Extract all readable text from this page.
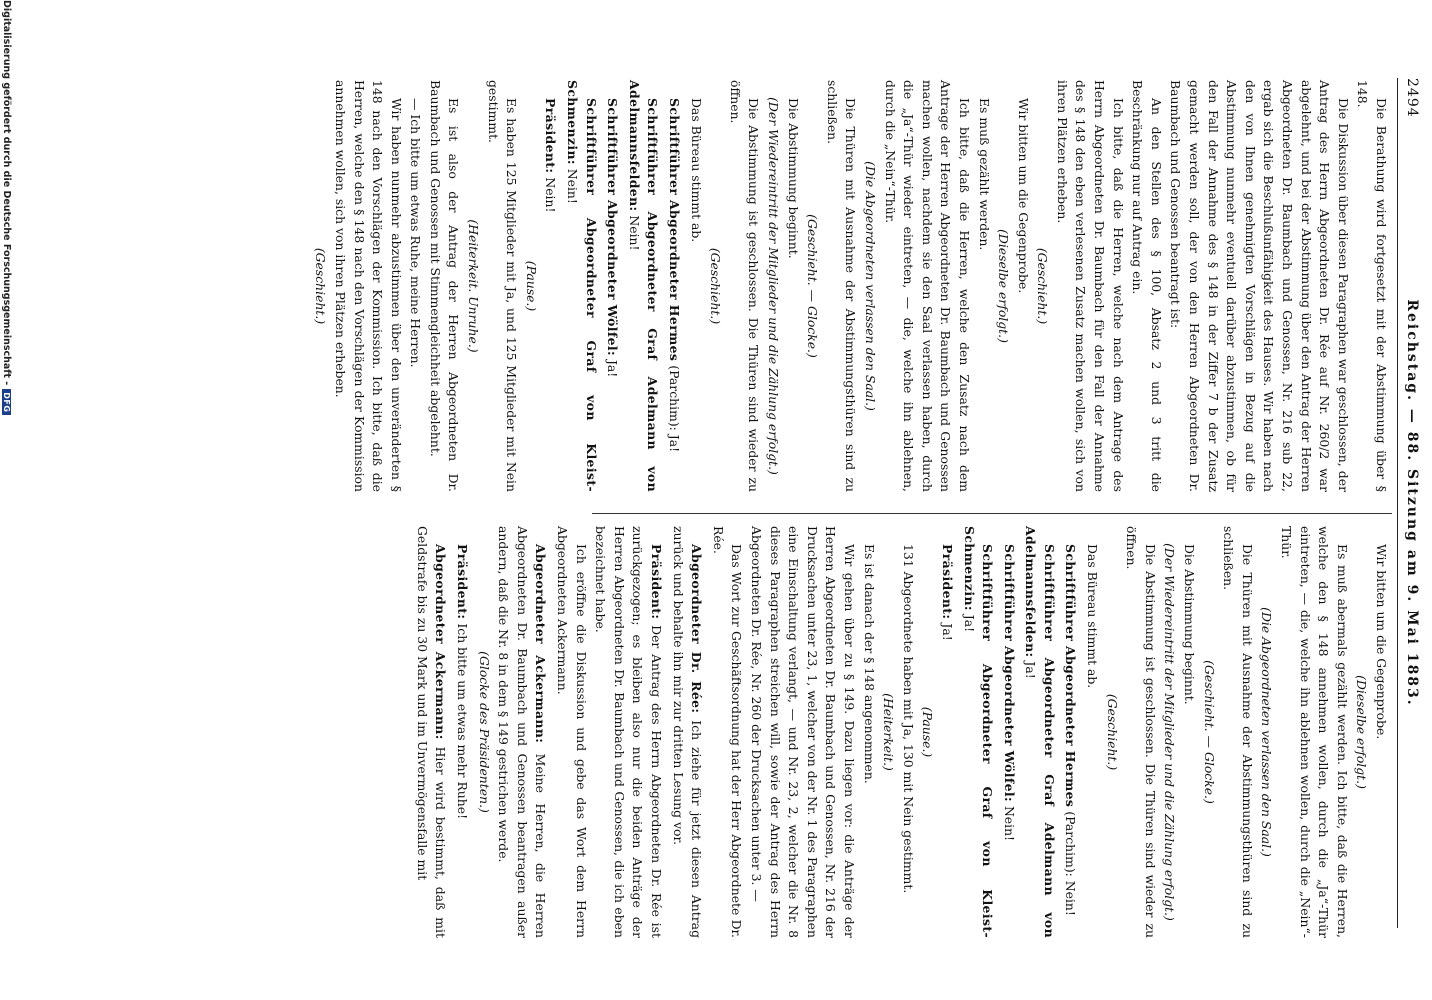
2494
Reichstag. — 88. Sitzung am 9. Mai 1883.

Die Berathung wird fortgesetzt mit der Abstimmung über § 148.

Die Diskussion über diesen Paragraphen war geschlossen, der Antrag des Herrn Abgeordneten Dr. Rée auf Nr. 260/2 war abgelehnt, und bei der Abstimmung über den Antrag der Herren Abgeordneten Dr. Baumbach und Genossen, Nr. 216 sub 22, ergab sich die Beschlußunfähigkeit des Hauses. Wir haben nach den von Ihnen genehmigten Vorschlägen in Bezug auf die Abstimmung nunmehr eventuell darüber abzustimmen, ob für den Fall der Annahme des § 148 in der Ziffer 7 b der Zusatz gemacht werden soll, der von den Herren Abgeordneten Dr. Baumbach und Genossen beantragt ist:

An den Stellen des § 100, Absatz 2 und 3 tritt die Beschränkung nur auf Antrag ein.

Ich bitte, daß die Herren, welche nach dem Antrage des Herrn Abgeordneten Dr. Baumbach für den Fall der Annahme des § 148 den eben verlesenen Zusatz machen wollen, sich von ihren Plätzen erheben.

(Geschieht.)

Wir bitten um die Gegenprobe.

(Dieselbe erfolgt.)

Es muß gezählt werden.

Ich bitte, daß die Herren, welche den Zusatz nach dem Antrage der Herren Abgeordneten Dr. Baumbach und Genossen machen wollen, nachdem sie den Saal verlassen haben, durch die „Ja“-Thür wieder eintreten, — die, welche ihn ablehnen, durch die „Nein“-Thür.

(Die Abgeordneten verlassen den Saal.)

Die Thüren mit Ausnahme der Abstimmungsthüren sind zu schließen.

(Geschieht. — Glocke.)

Die Abstimmung beginnt.

(Der Wiedereintritt der Mitglieder und die Zählung erfolgt.)

Die Abstimmung ist geschlossen. Die Thüren sind wieder zu öffnen.

(Geschieht.)

Das Büreau stimmt ab.

Schriftführer Abgeordneter Hermes (Parchim): Ja!

Schriftführer Abgeordneter Graf Adelmann von Adelmannsfelden: Nein!

Schriftführer Abgeordneter Wölfel: Ja!

Schriftführer Abgeordneter Graf von Kleist-Schmenzin: Nein!

Präsident: Nein!

(Pause.)

Es haben 125 Mitglieder mit Ja, und 125 Mitglieder mit Nein gestimmt.

(Heiterkeit. Unruhe.)

Es ist also der Antrag der Herren Abgeordneten Dr. Baumbach und Genossen mit Stimmengleichheit abgelehnt.

— Ich bitte um etwas Ruhe, meine Herren.

Wir haben nunmehr abzustimmen über den unveränderten § 148 nach den Vorschlägen der Kommission. Ich bitte, daß die Herren, welche den § 148 nach den Vorschlägen der Kommission annehmen wollen, sich von ihren Plätzen erheben.

(Geschieht.)

Wir bitten um die Gegenprobe.

(Dieselbe erfolgt.)

Es muß abermals gezählt werden. Ich bitte, daß die Herren, welche den § 148 annehmen wollen, durch die „Ja“-Thür eintreten, — die, welche ihn ablehnen wollen, durch die „Nein“-Thür.

(Die Abgeordneten verlassen den Saal.)

Die Thüren mit Ausnahme der Abstimmungsthüren sind zu schließen.

(Geschieht. — Glocke.)

Die Abstimmung beginnt.

(Der Wiedereintritt der Mitglieder und die Zählung erfolgt.)

Die Abstimmung ist geschlossen. Die Thüren sind wieder zu öffnen.

(Geschieht.)

Das Büreau stimmt ab.

Schriftführer Abgeordneter Hermes (Parchim): Nein!

Schriftführer Abgeordneter Graf Adelmann von Adelmannsfelden: Ja!

Schriftführer Abgeordneter Wölfel: Nein!

Schriftführer Abgeordneter Graf von Kleist-Schmenzin: Ja!

Präsident: Ja!

(Pause.)

131 Abgeordnete haben mit Ja, 130 mit Nein gestimmt.

(Heiterkeit.)

Es ist danach der § 148 angenommen.

Wir gehen über zu § 149. Dazu liegen vor: die Anträge der Herren Abgeordneten Dr. Baumbach und Genossen, Nr. 216 der Drucksachen unter 23, 1, welcher von der Nr. 1 des Paragraphen eine Einschaltung verlangt, — und Nr. 23, 2, welcher die Nr. 8 dieses Paragraphen streichen will, sowie der Antrag des Herrn Abgeordneten Dr. Rée, Nr. 260 der Drucksachen unter 3. —

Das Wort zur Geschäftsordnung hat der Herr Abgeordnete Dr. Rée.

Abgeordneter Dr. Rée: Ich ziehe für jetzt diesen Antrag zurück und behalte ihn mir zur dritten Lesung vor.

Präsident: Der Antrag des Herrn Abgeordneten Dr. Rée ist zurückgezogen; es bleiben also nur die beiden Anträge der Herren Abgeordneten Dr. Baumbach und Genossen, die ich eben bezeichnet habe.

Ich eröffne die Diskussion und gebe das Wort dem Herrn Abgeordneten Ackermann.

Abgeordneter Ackermann: Meine Herren, die Herren Abgeordneten Dr. Baumbach und Genossen beantragen außer andern, daß die Nr. 8 in dem § 149 gestrichen werde.

(Glocke des Präsidenten.)

Präsident: Ich bitte um etwas mehr Ruhe!

Abgeordneter Ackermann: Hier wird bestimmt, daß mit Geldstrafe bis zu 30 Mark und im Unvermögensfalle mit

Digitalisierung gefördert durch die Deutsche Forschungsgemeinschaft -
DFG
